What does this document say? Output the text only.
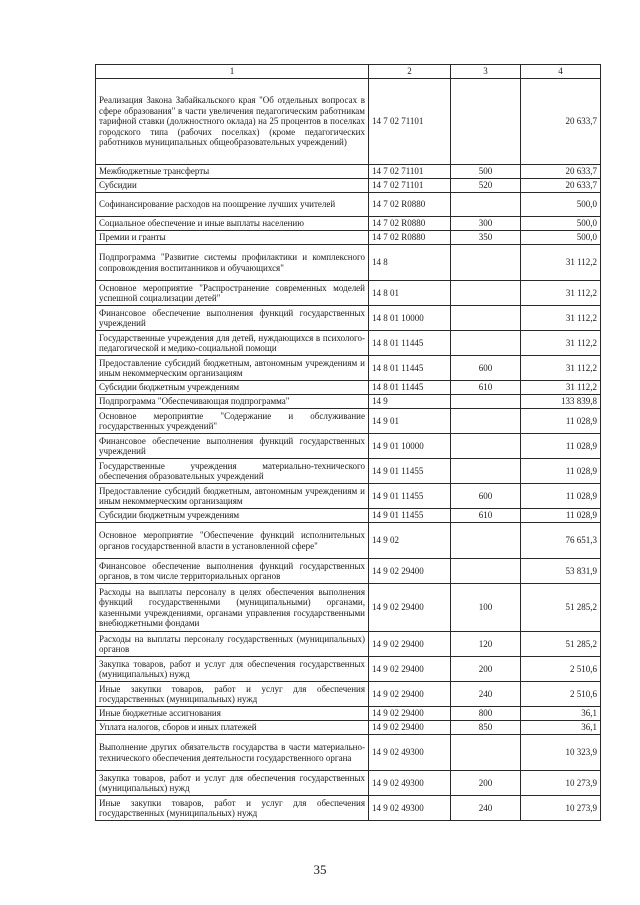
1	2	3	4
Реализация Закона Забайкальского края "Об отдельных вопросах в сфере образования" в части увеличения педагогическим работникам тарифной ставки (должностного оклада) на 25 процентов в поселках городского типа (рабочих поселках) (кроме педагогических работников муниципальных общеобразовательных учреждений)	14 7 02 71101		20 633,7
Межбюджетные трансферты	14 7 02 71101	500	20 633,7
Субсидии	14 7 02 71101	520	20 633,7
Софинансирование расходов на поощрение лучших учителей	14 7 02 R0880		500,0
Социальное обеспечение и иные выплаты населению	14 7 02 R0880	300	500,0
Премии и гранты	14 7 02 R0880	350	500,0
Подпрограмма "Развитие системы профилактики и комплексного сопровождения воспитанников и обучающихся"	14 8		31 112,2
Основное мероприятие "Распространение современных моделей успешной социализации детей"	14 8 01		31 112,2
Финансовое обеспечение выполнения функций государственных учреждений	14 8 01 10000		31 112,2
Государственные учреждения для детей, нуждающихся в психолого-педагогической и медико-социальной помощи	14 8 01 11445		31 112,2
Предоставление субсидий бюджетным, автономным учреждениям и иным некоммерческим организациям	14 8 01 11445	600	31 112,2
Субсидии бюджетным учреждениям	14 8 01 11445	610	31 112,2
Подпрограмма "Обеспечивающая подпрограмма"	14 9		133 839,8
Основное мероприятие "Содержание и обслуживание государственных учреждений"	14 9 01		11 028,9
Финансовое обеспечение выполнения функций государственных учреждений	14 9 01 10000		11 028,9
Государственные учреждения материально-технического обеспечения образовательных учреждений	14 9 01 11455		11 028,9
Предоставление субсидий бюджетным, автономным учреждениям и иным некоммерческим организациям	14 9 01 11455	600	11 028,9
Субсидии бюджетным учреждениям	14 9 01 11455	610	11 028,9
Основное мероприятие "Обеспечение функций исполнительных органов государственной власти в установленной сфере"	14 9 02		76 651,3
Финансовое обеспечение выполнения функций государственных органов, в том числе территориальных органов	14 9 02 29400		53 831,9
Расходы на выплаты персоналу в целях обеспечения выполнения функций государственными (муниципальными) органами, казенными учреждениями, органами управления государственными внебюджетными фондами	14 9 02 29400	100	51 285,2
Расходы на выплаты персоналу государственных (муниципальных) органов	14 9 02 29400	120	51 285,2
Закупка товаров, работ и услуг для обеспечения государственных (муниципальных) нужд	14 9 02 29400	200	2 510,6
Иные закупки товаров, работ и услуг для обеспечения государственных (муниципальных) нужд	14 9 02 29400	240	2 510,6
Иные бюджетные ассигнования	14 9 02 29400	800	36,1
Уплата налогов, сборов и иных платежей	14 9 02 29400	850	36,1
Выполнение других обязательств государства в части материально-технического обеспечения деятельности государственного органа	14 9 02 49300		10 323,9
Закупка товаров, работ и услуг для обеспечения государственных (муниципальных) нужд	14 9 02 49300	200	10 273,9
Иные закупки товаров, работ и услуг для обеспечения государственных (муниципальных) нужд	14 9 02 49300	240	10 273,9
35
